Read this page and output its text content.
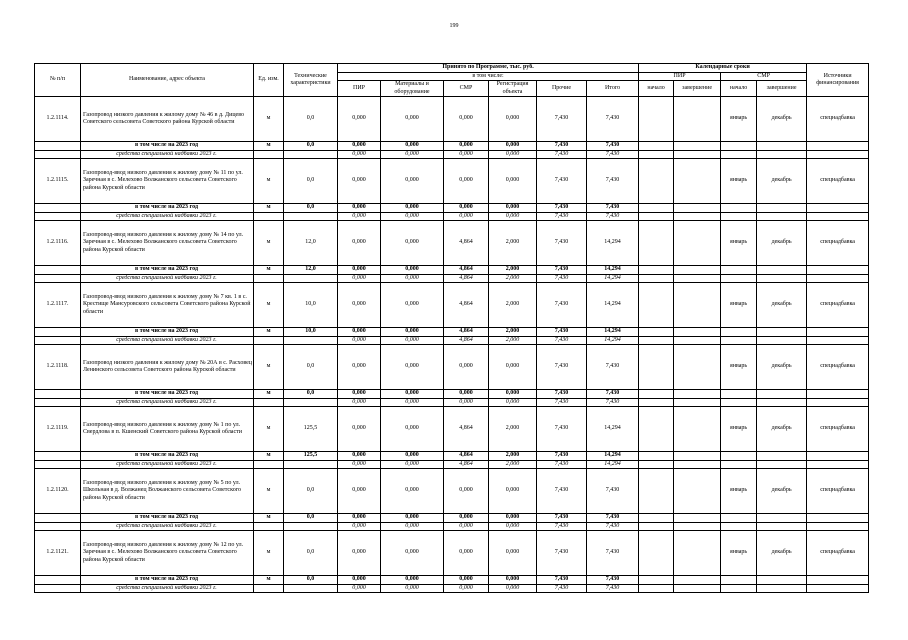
199
№ п/п	Наименование, адрес объекта	Ед. изм.	Технические характеристики	Принято по Программе, тыс. руб.						Календарные сроки				Источники финансирования
				в том числе:						ПИР		СМР		
				ПИР	Материалы и оборудование	СМР	Регистрация объекта	Прочие	Итого	начало	завершение	начало	завершение	
1.2.1114.	Газопровод низкого давления к жилому дому № 46 в д. Дицево Советского сельсовета Советского района Курской области	м	0,0	0,000	0,000	0,000	0,000	7,430	7,430			январь	декабрь	спецнадбавка
	в том числе на 2023 год	м	0,0	0,000	0,000	0,000	0,000	7,430	7,430					
	средства специальной надбавки 2023 г.			0,000	0,000	0,000	0,000	7,430	7,430					
1.2.1115.	Газопровод-ввод низкого давления к жилому дому № 11 по ул. Заречная в с. Мелехово Волжанского сельсовета Советского района Курской области	м	0,0	0,000	0,000	0,000	0,000	7,430	7,430			январь	декабрь	спецнадбавка
	в том числе на 2023 год	м	0,0	0,000	0,000	0,000	0,000	7,430	7,430					
	средства специальной надбавки 2023 г.			0,000	0,000	0,000	0,000	7,430	7,430					
1.2.1116.	Газопровод-ввод низкого давления к жилому дому № 14 по ул. Заречная в с. Мелехово Волжанского сельсовета Советского района Курской области	м	12,0	0,000	0,000	4,864	2,000	7,430	14,294			январь	декабрь	спецнадбавка
	в том числе на 2023 год	м	12,0	0,000	0,000	4,864	2,000	7,430	14,294					
	средства специальной надбавки 2023 г.			0,000	0,000	4,864	2,000	7,430	14,294					
1.2.1117.	Газопровод-ввод низкого давления к жилому дому № 7 кв. 1 в с. Крестище Мансуровского сельсовета Советского района Курской области	м	10,0	0,000	0,000	4,864	2,000	7,430	14,294			январь	декабрь	спецнадбавка
	в том числе на 2023 год	м	10,0	0,000	0,000	4,864	2,000	7,430	14,294					
	средства специальной надбавки 2023 г.			0,000	0,000	4,864	2,000	7,430	14,294					
1.2.1118.	Газопровод низкого давления к жилому дому № 20А в с. Расховец Ленинского сельсовета Советского района Курской области	м	0,0	0,000	0,000	0,000	0,000	7,430	7,430			январь	декабрь	спецнадбавка
	в том числе на 2023 год	м	0,0	0,000	0,000	0,000	0,000	7,430	7,430					
	средства специальной надбавки 2023 г.			0,000	0,000	0,000	0,000	7,430	7,430					
1.2.1119.	Газопровод-ввод низкого давления к жилому дому № 1 по ул. Свердлова в п. Кшенский Советского района Курской области	м	125,5	0,000	0,000	4,864	2,000	7,430	14,294			январь	декабрь	спецнадбавка
	в том числе на 2023 год	м	125,5	0,000	0,000	4,864	2,000	7,430	14,294					
	средства специальной надбавки 2023 г.			0,000	0,000	4,864	2,000	7,430	14,294					
1.2.1120.	Газопровод-ввод низкого давления к жилому дому № 5 по ул. Школьная в д. Волжанец Волжанского сельсовета Советского района Курской области	м	0,0	0,000	0,000	0,000	0,000	7,430	7,430			январь	декабрь	спецнадбавка
	в том числе на 2023 год	м	0,0	0,000	0,000	0,000	0,000	7,430	7,430					
	средства специальной надбавки 2023 г.			0,000	0,000	0,000	0,000	7,430	7,430					
1.2.1121.	Газопровод-ввод низкого давления к жилому дому № 12 по ул. Заречная в с. Мелехово Волжанского сельсовета Советского района Курской области	м	0,0	0,000	0,000	0,000	0,000	7,430	7,430			январь	декабрь	спецнадбавка
	в том числе на 2023 год	м	0,0	0,000	0,000	0,000	0,000	7,430	7,430					
	средства специальной надбавки 2023 г.			0,000	0,000	0,000	0,000	7,430	7,430					
